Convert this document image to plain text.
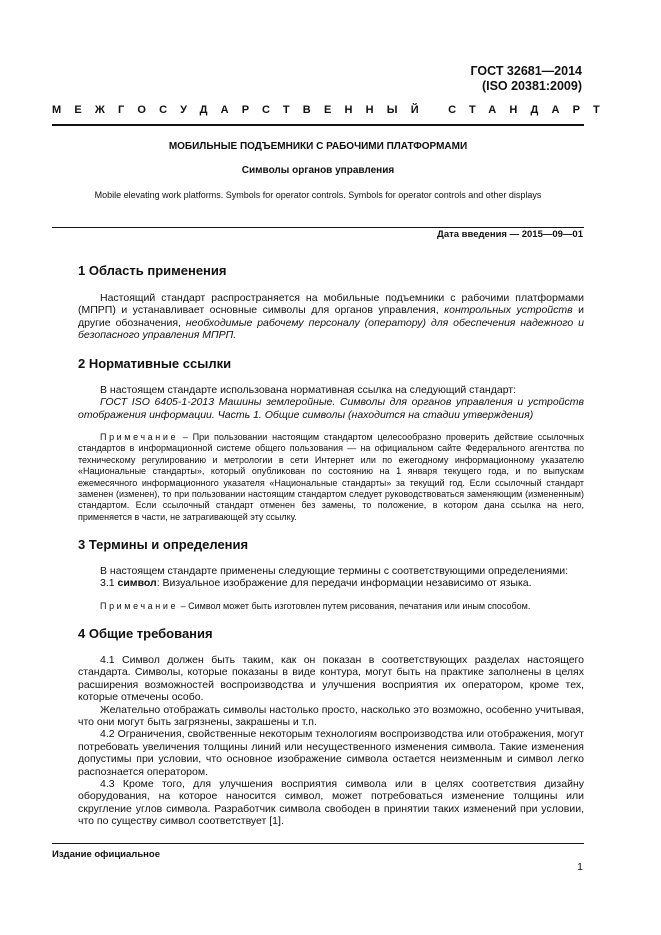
ГОСТ 32681—2014
(ISO 20381:2009)
МЕЖГОСУДАРСТВЕННЫЙ СТАНДАРТ
МОБИЛЬНЫЕ ПОДЪЕМНИКИ С РАБОЧИМИ ПЛАТФОРМАМИ
Символы органов управления
Mobile elevating work platforms. Symbols for operator controls. Symbols for operator controls and other displays
Дата введения — 2015—09—01
1 Область применения

Настоящий стандарт распространяется на мобильные подъемники с рабочими платформами (МПРП) и устанавливает основные символы для органов управления, контрольных устройств и другие обозначения, необходимые рабочему персоналу (оператору) для обеспечения надежного и безопасного управления МПРП.

2 Нормативные ссылки

В настоящем стандарте использована нормативная ссылка на следующий стандарт:

ГОСТ ISO 6405-1-2013 Машины землеройные. Символы для органов управления и устройств отображения информации. Часть 1. Общие символы (находится на стадии утверждения)

Примечание – При пользовании настоящим стандартом целесообразно проверить действие ссылочных стандартов в информационной системе общего пользования — на официальном сайте Федерального агентства по техническому регулированию и метрологии в сети Интернет или по ежегодному информационному указателю «Национальные стандарты», который опубликован по состоянию на 1 января текущего года, и по выпускам ежемесячного информационного указателя «Национальные стандарты» за текущий год. Если ссылочный стандарт заменен (изменен), то при пользовании настоящим стандартом следует руководствоваться заменяющим (измененным) стандартом. Если ссылочный стандарт отменен без замены, то положение, в котором дана ссылка на него, применяется в части, не затрагивающей эту ссылку.
3 Термины и определения

В настоящем стандарте применены следующие термины с соответствующими определениями:

3.1 символ: Визуальное изображение для передачи информации независимо от языка.

Примечание – Символ может быть изготовлен путем рисования, печатания или иным способом.
4 Общие требования

4.1 Символ должен быть таким, как он показан в соответствующих разделах настоящего стандарта. Символы, которые показаны в виде контура, могут быть на практике заполнены в целях расширения возможностей воспроизводства и улучшения восприятия их оператором, кроме тех, которые отмечены особо.

Желательно отображать символы настолько просто, насколько это возможно, особенно учитывая, что они могут быть загрязнены, закрашены и т.п.

4.2 Ограничения, свойственные некоторым технологиям воспроизводства или отображения, могут потребовать увеличения толщины линий или несущественного изменения символа. Такие изменения допустимы при условии, что основное изображение символа остается неизменным и символ легко распознается оператором.

4.3 Кроме того, для улучшения восприятия символа или в целях соответствия дизайну оборудования, на которое наносится символ, может потребоваться изменение толщины или скругление углов символа. Разработчик символа свободен в принятии таких изменений при условии, что по существу символ соответствует [1].

Издание официальное
1
